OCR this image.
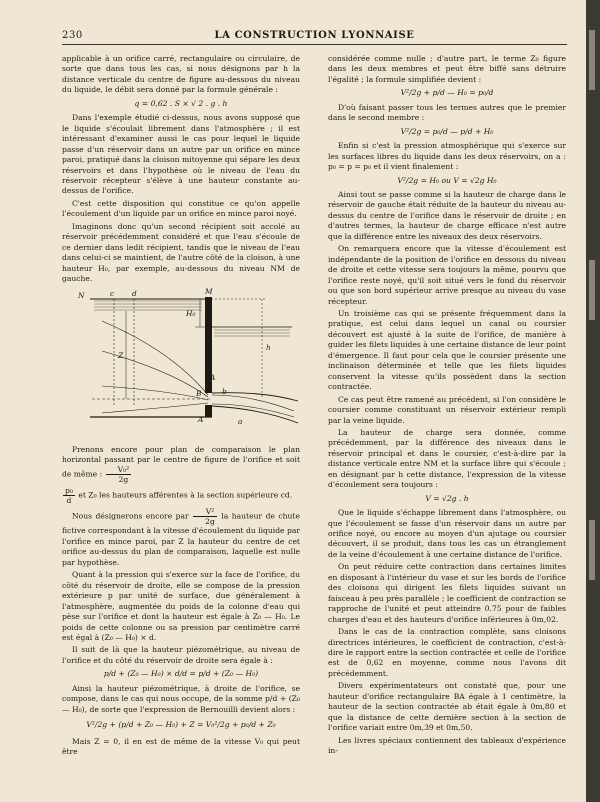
230	LA CONSTRUCTION LYONNAISE

applicable à un orifice carré, rectangulaire ou circulaire, de sorte que dans tous les cas, si nous désignons par h la distance verticale du centre de figure au-dessous du niveau du liquide, le débit sera donné par la formule générale :

q = 0,62 . S × √ 2 . g . h

Dans l'exemple étudié ci-dessus, nous avons supposé que le liquide s'écoulait librement dans l'atmosphère ; il est intéressant d'examiner aussi le cas pour lequel le liquide passe d'un réservoir dans un autre par un orifice en mince paroi, pratiqué dans la cloison mitoyenne qui sépare les deux réservoirs et dans l'hypothèse où le niveau de l'eau du réservoir récepteur s'élève à une hauteur constante au-dessus de l'orifice.

C'est cette disposition qui constitue ce qu'on appelle l'écoulement d'un liquide par un orifice en mince paroi noyé.

Imaginons donc qu'un second récipient soit accolé au réservoir précédemment considéré et que l'eau s'écoule de ce dernier dans ledit récipient, tandis que le niveau de l'eau dans celui-ci se maintient, de l'autre côté de la cloison, à une hauteur H₀, par exemple, au-dessous du niveau NM de gauche.

N	c d	M
H₀
h
A
B
Z
b
A	a

Prenons encore pour plan de comparaison le plan horizontal passant par le centre de figure de l'orifice et soit de même : $\frac{\text{V₀²}}{2g}$

$\frac{\text{p₀}}{d}$ et Z₀ les hauteurs afférentes à la section supérieure cd.

Nous désignerons encore par $\frac{\text{V²}}{2g}$ la hauteur de chute fictive correspondant à la vitesse d'écoulement du liquide par l'orifice en mince paroi, par Z la hauteur du centre de cet orifice au-dessus du plan de comparaison, laquelle est nulle par hypothèse.

Quant à la pression qui s'exerce sur la face de l'orifice, du côté du réservoir de droite, elle se compose de la pression extérieure p par unité de surface, due généralement à l'atmosphère, augmentée du poids de la colonne d'eau qui pèse sur l'orifice et dont la hauteur est égale à Z₀ — H₀. Le poids de cette colonne ou sa pression par centimètre carré est égal à (Z₀ — H₀) × d.

Il suit de là que la hauteur piézométrique, au niveau de l'orifice et du côté du réservoir de droite sera égale à :

p/d + (Z₀ — H₀) × d/d = p/d + (Z₀ — H₀)

Ainsi la hauteur piézométrique, à droite de l'orifice, se compose, dans le cas qui nous occupe, de la somme p/d + (Z₀ — H₀), de sorte que l'expression de Bernouilli devient alors :

V²/2g + (p/d + Z₀ — H₀) + Z = V₀²/2g + p₀/d + Z₀

Mais Z = 0, il en est de même de la vitesse V₀ qui peut être

considérée comme nulle ; d'autre part, le terme Z₀ figure dans les deux membres et peut être biffé sans détruire l'égalité ; la formule simplifiée devient :

V²/2g + p/d — H₀ = p₀/d

D'où faisant passer tous les termes autres que le premier dans le second membre :

V²/2g = p₀/d — p/d + H₀

Enfin si c'est la pression atmosphérique qui s'exerce sur les surfaces libres du liquide dans les deux réservoirs, on a : p₀ = p = p₀ et il vient finalement :

V²/2g = H₀ ou V = √2g H₀

Ainsi tout se passe comme si la hauteur de charge dans le réservoir de gauche était réduite de la hauteur du niveau au-dessus du centre de l'orifice dans le réservoir de droite ; en d'autres termes, la hauteur de charge efficace n'est autre que la différence entre les niveaux des deux réservoirs.

On remarquera encore que la vitesse d'écoulement est indépendante de la position de l'orifice en dessous du niveau de droite et cette vitesse sera toujours la même, pourvu que l'orifice reste noyé, qu'il soit situé vers le fond du réservoir ou que son bord supérieur arrive presque au niveau du vase récepteur.

Un troisième cas qui se présente fréquemment dans la pratique, est celui dans lequel un canal ou coursier découvert est ajusté à la suite de l'orifice, de manière à guider les filets liquides à une certaine distance de leur point d'émergence. Il faut pour cela que le coursier présente une inclinaison déterminée et telle que les filets liquides conservent la vitesse qu'ils possèdent dans la section contractée.

Ce cas peut être ramené au précédent, si l'on considère le coursier comme constituant un réservoir extérieur rempli par la veine liquide.

La hauteur de charge sera donnée, comme précédemment, par la différence des niveaux dans le réservoir principal et dans le coursier, c'est-à-dire par la distance verticale entre NM et la surface libre qui s'écoule ; en désignant par h cette distance, l'expression de la vitesse d'écoulement sera toujours :

V = √2g . h

Que le liquide s'échappe librement dans l'atmosphère, ou que l'écoulement se fasse d'un réservoir dans un autre par orifice noyé, ou encore au moyen d'un ajutage ou coursier découvert, il se produit, dans tous les cas un étranglement de la veine d'écoulement à une certaine distance de l'orifice.

On peut réduire cette contraction dans certaines limites en disposant à l'intérieur du vase et sur les bords de l'orifice des cloisons qui dirigent les filets liquides suivant un faisceau à peu près parallèle ; le coefficient de contraction se rapproche de l'unité et peut atteindre 0.75 pour de faibles charges d'eau et des hauteurs d'orifice inférieures à 0m,02.

Dans le cas de la contraction complète, sans cloisons directrices intérieures, le coefficient de contraction, c'est-à-dire le rapport entre la section contractée et celle de l'orifice est de 0,62 en moyenne, comme nous l'avons dit précédemment.

Divers expérimentateurs ont constaté que, pour une hauteur d'orifice rectangulaire BA égale à 1 centimètre, la hauteur de la section contractée ab était égale à 0m,80 et que la distance de cette dernière section à la section de l'orifice variait entre 0m,39 et 0m,50.

Les livres spéciaux contiennent des tableaux d'expérience in-
